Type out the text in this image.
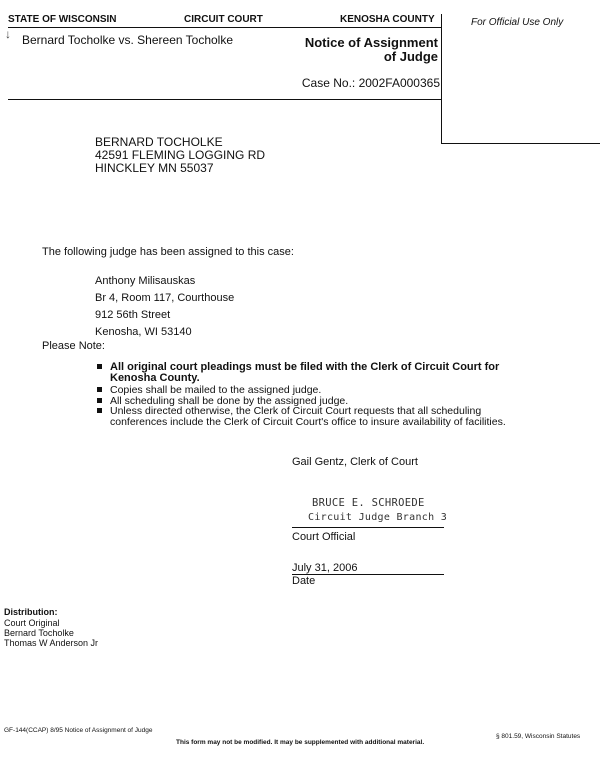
STATE OF WISCONSIN	CIRCUIT COURT	KENOSHA COUNTY	For Official Use Only
↓ Bernard Tocholke vs. Shereen Tocholke	Notice of Assignment
of Judge
Case No.: 2002FA000365
BERNARD TOCHOLKE
42591 FLEMING LOGGING RD
HINCKLEY MN 55037
The following judge has been assigned to this case:
Anthony Milisauskas
Br 4, Room 117, Courthouse
912 56th Street
Kenosha, WI 53140
Please Note:
All original court pleadings must be filed with the Clerk of Circuit Court for
Kenosha County.
Copies shall be mailed to the assigned judge.
All scheduling shall be done by the assigned judge.
Unless directed otherwise, the Clerk of Circuit Court requests that all scheduling
conferences include the Clerk of Circuit Court's office to insure availability of facilities.
Gail Gentz, Clerk of Court
BRUCE E. SCHROEDE
Circuit Judge Branch 3
Court Official
July 31, 2006
Date
Distribution:
Court Original
Bernard Tocholke
Thomas W Anderson Jr
GF-144(CCAP) 8/95 Notice of Assignment of Judge
This form may not be modified. It may be supplemented with additional material.
§ 801.59, Wisconsin Statutes
